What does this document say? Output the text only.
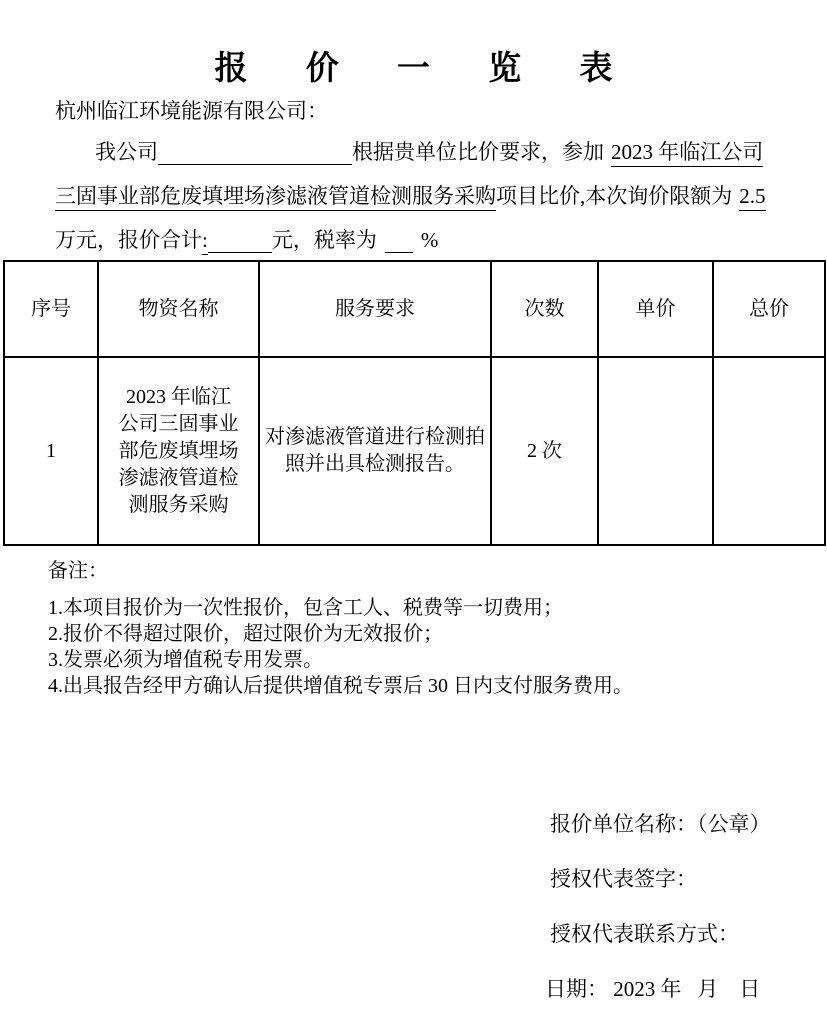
报 价 一 览 表
杭州临江环境能源有限公司：
我公司	根据贵单位比价要求，参加 2023 年临江公司
三固事业部危废填埋场渗滤液管道检测服务采购项目比价,本次询价限额为 2.5
万元，报价合计:	元，税率为 %
序号	物资名称	服务要求	次数	单价	总价
1	2023 年临江公司三固事业部危废填埋场渗滤液管道检测服务采购	对渗滤液管道进行检测拍照并出具检测报告。	2 次		
备注：
1.本项目报价为一次性报价，包含工人、税费等一切费用；
2.报价不得超过限价，超过限价为无效报价；
3.发票必须为增值税专用发票。
4.出具报告经甲方确认后提供增值税专票后 30 日内支付服务费用。
报价单位名称：（公章）
授权代表签字：
授权代表联系方式：
日期： 2023 年   月    日
